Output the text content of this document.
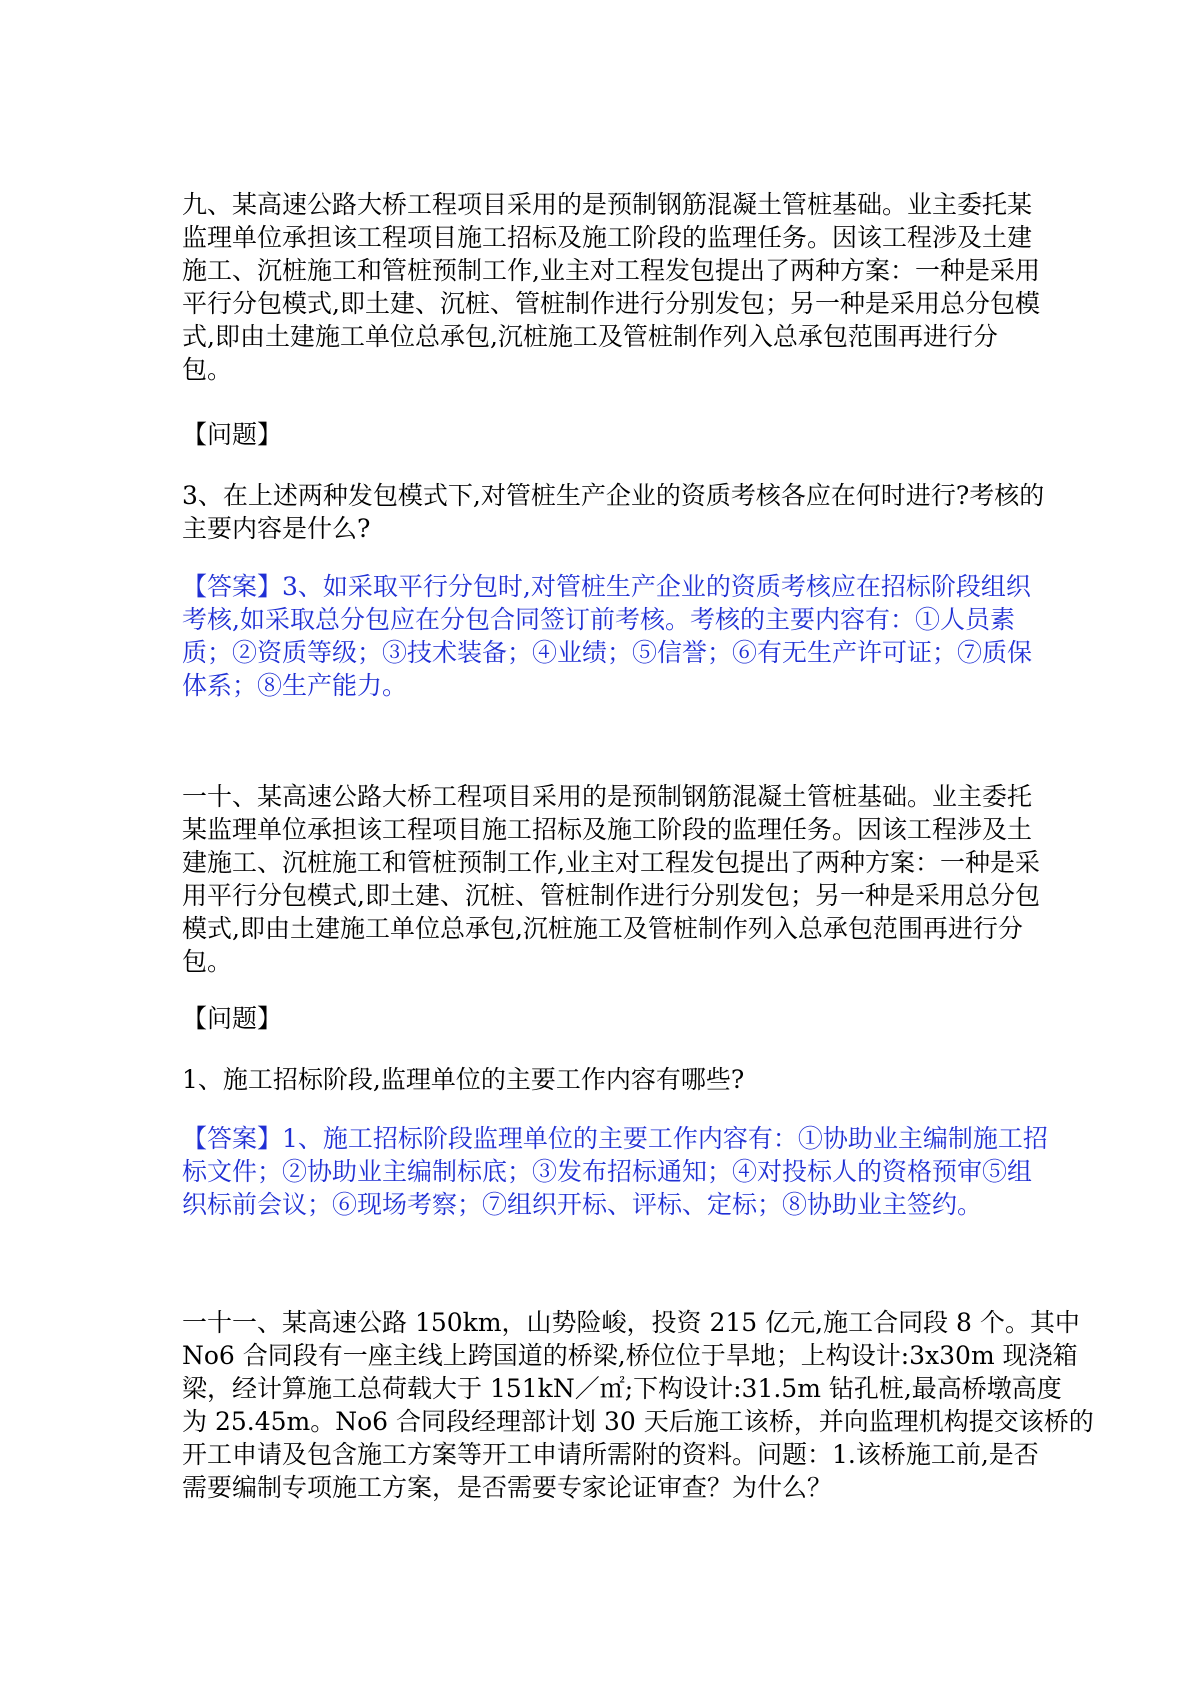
九、某高速公路大桥工程项目采用的是预制钢筋混凝土管桩基础。业主委托某
监理单位承担该工程项目施工招标及施工阶段的监理任务。因该工程涉及土建
施工、沉桩施工和管桩预制工作,业主对工程发包提出了两种方案：一种是采用
平行分包模式,即土建、沉桩、管桩制作进行分别发包；另一种是采用总分包模
式,即由土建施工单位总承包,沉桩施工及管桩制作列入总承包范围再进行分
包。
【问题】
3、在上述两种发包模式下,对管桩生产企业的资质考核各应在何时进行?考核的
主要内容是什么?
【答案】3、如采取平行分包时,对管桩生产企业的资质考核应在招标阶段组织
考核,如采取总分包应在分包合同签订前考核。考核的主要内容有：①人员素
质；②资质等级；③技术装备；④业绩；⑤信誉；⑥有无生产许可证；⑦质保
体系；⑧生产能力。
一十、某高速公路大桥工程项目采用的是预制钢筋混凝土管桩基础。业主委托
某监理单位承担该工程项目施工招标及施工阶段的监理任务。因该工程涉及土
建施工、沉桩施工和管桩预制工作,业主对工程发包提出了两种方案：一种是采
用平行分包模式,即土建、沉桩、管桩制作进行分别发包；另一种是采用总分包
模式,即由土建施工单位总承包,沉桩施工及管桩制作列入总承包范围再进行分
包。
【问题】
1、施工招标阶段,监理单位的主要工作内容有哪些?
【答案】1、施工招标阶段监理单位的主要工作内容有：①协助业主编制施工招
标文件；②协助业主编制标底；③发布招标通知；④对投标人的资格预审⑤组
织标前会议；⑥现场考察；⑦组织开标、评标、定标；⑧协助业主签约。
一十一、某高速公路 150km，山势险峻，投资 215 亿元,施工合同段 8 个。其中
No6 合同段有一座主线上跨国道的桥梁,桥位位于旱地；上构设计:3x30m 现浇箱
梁，经计算施工总荷载大于 151kN／㎡;下构设计:31.5m 钻孔桩,最高桥墩高度
为 25.45m。No6 合同段经理部计划 30 天后施工该桥，并向监理机构提交该桥的
开工申请及包含施工方案等开工申请所需附的资料。问题：1.该桥施工前,是否
需要编制专项施工方案，是否需要专家论证审查？为什么？
